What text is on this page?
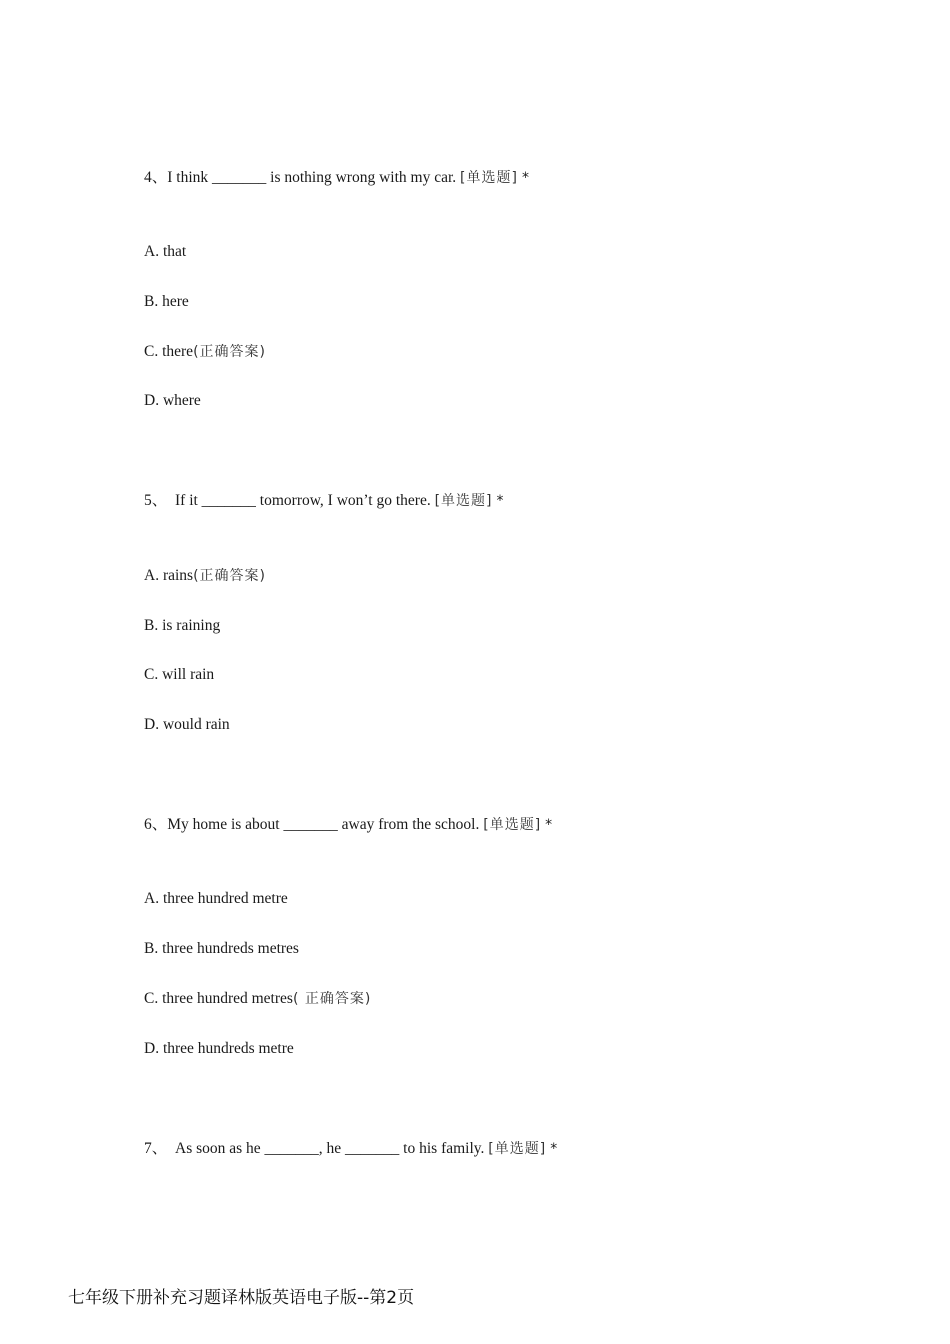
4、I think _______ is nothing wrong with my car. [单选题] *
A. that
B. here
C. there(正确答案)
D. where
5、  If it _______ tomorrow, I won’t go there. [单选题] *
A. rains(正确答案)
B. is raining
C. will rain
D. would rain
6、My home is about _______ away from the school. [单选题] *
A. three hundred metre
B. three hundreds metres
C. three hundred metres( 正确答案)
D. three hundreds metre
7、  As soon as he _______, he _______ to his family. [单选题] *
七年级下册补充习题译林版英语电子版--第2页
